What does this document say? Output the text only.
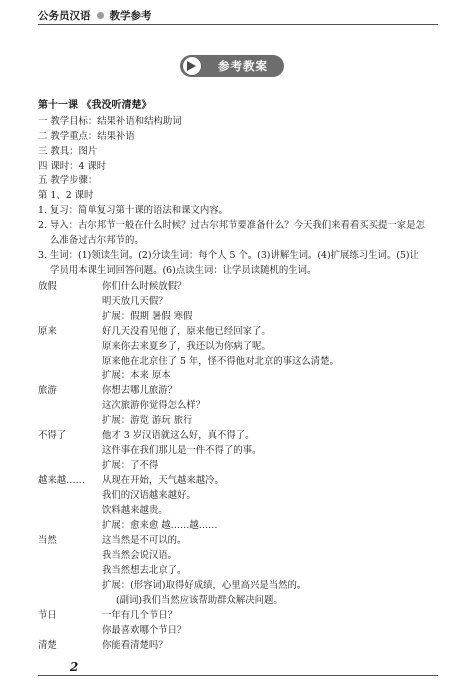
公务员汉语 教学参考
参考教案
第十一课 《我没听清楚》
一 教学目标：结果补语和结构助词
二 教学重点：结果补语
三 教具：图片
四 课时：4 课时
五 教学步骤：
第 1、2 课时
1. 复习：简单复习第十课的语法和课文内容。
2. 导入：古尔邦节一般在什么时候？过古尔邦节要准备什么？今天我们来看看买买提一家是怎
么准备过古尔邦节的。
3. 生词：(1)领读生词。(2)分读生词：每个人 5 个。(3)讲解生词。(4)扩展练习生词。(5)让
学员用本课生词回答问题。(6)点读生词：让学员读随机的生词。
放假	你们什么时候放假？
明天放几天假？
扩展：假期 暑假 寒假
原来	好几天没看见他了，原来他已经回家了。
原来你去来夏乡了，我还以为你病了呢。
原来他在北京住了 5 年，怪不得他对北京的事这么清楚。
扩展：本来 原本
旅游	你想去哪儿旅游？
这次旅游你觉得怎么样？
扩展：游览 游玩 旅行
不得了	他才 3 岁汉语就这么好，真不得了。
这件事在我们那儿是一件不得了的事。
扩展：了不得
越来越…… 从现在开始，天气越来越冷。
我们的汉语越来越好。
饮料越来越贵。
扩展：愈来愈 越……越……
当然	这当然是不可以的。
我当然会说汉语。
我当然想去北京了。
扩展：(形容词)取得好成绩，心里高兴是当然的。
(副词)我们当然应该帮助群众解决问题。
节日	一年有几个节日？
你最喜欢哪个节日？
清楚	你能看清楚吗？
2
